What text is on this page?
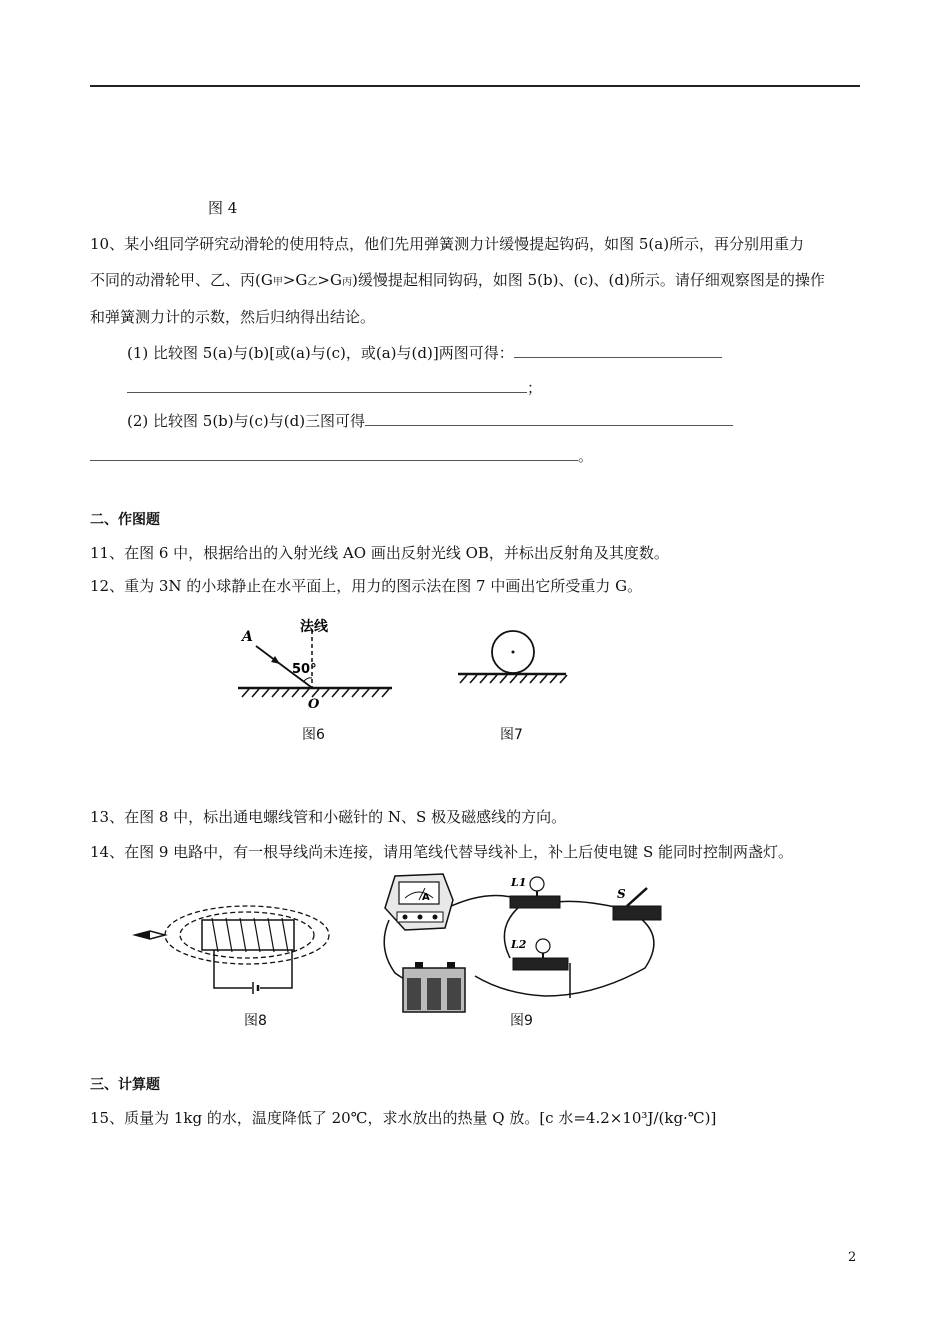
图 4
10、某小组同学研究动滑轮的使用特点，他们先用弹簧测力计缓慢提起钩码，如图 5(a)所示，再分别用重力
不同的动滑轮甲、乙、丙(G甲>G乙>G丙)缓慢提起相同钩码，如图 5(b)、(c)、(d)所示。请仔细观察图是的操作
和弹簧测力计的示数，然后归纳得出结论。
(1) 比较图 5(a)与(b)[或(a)与(c)，或(a)与(d)]两图可得：
；
(2) 比较图 5(b)与(c)与(d)三图可得
。
二、作图题
11、在图 6 中，根据给出的入射光线 AO 画出反射光线 OB，并标出反射角及其度数。
12、重为 3N 的小球静止在水平面上，用力的图示法在图 7 中画出它所受重力 G。
A
法线
50°
O
图6	图7
13、在图 8 中，标出通电螺线管和小磁针的 N、S 极及磁感线的方向。
14、在图 9 电路中，有一根导线尚未连接，请用笔线代替导线补上，补上后使电键 S 能同时控制两盏灯。
图8
A
L1
L2
S
图9
三、计算题
15、质量为 1kg 的水，温度降低了 20℃，求水放出的热量 Q 放。[c 水=4.2×10³J/(kg·℃)]
2
